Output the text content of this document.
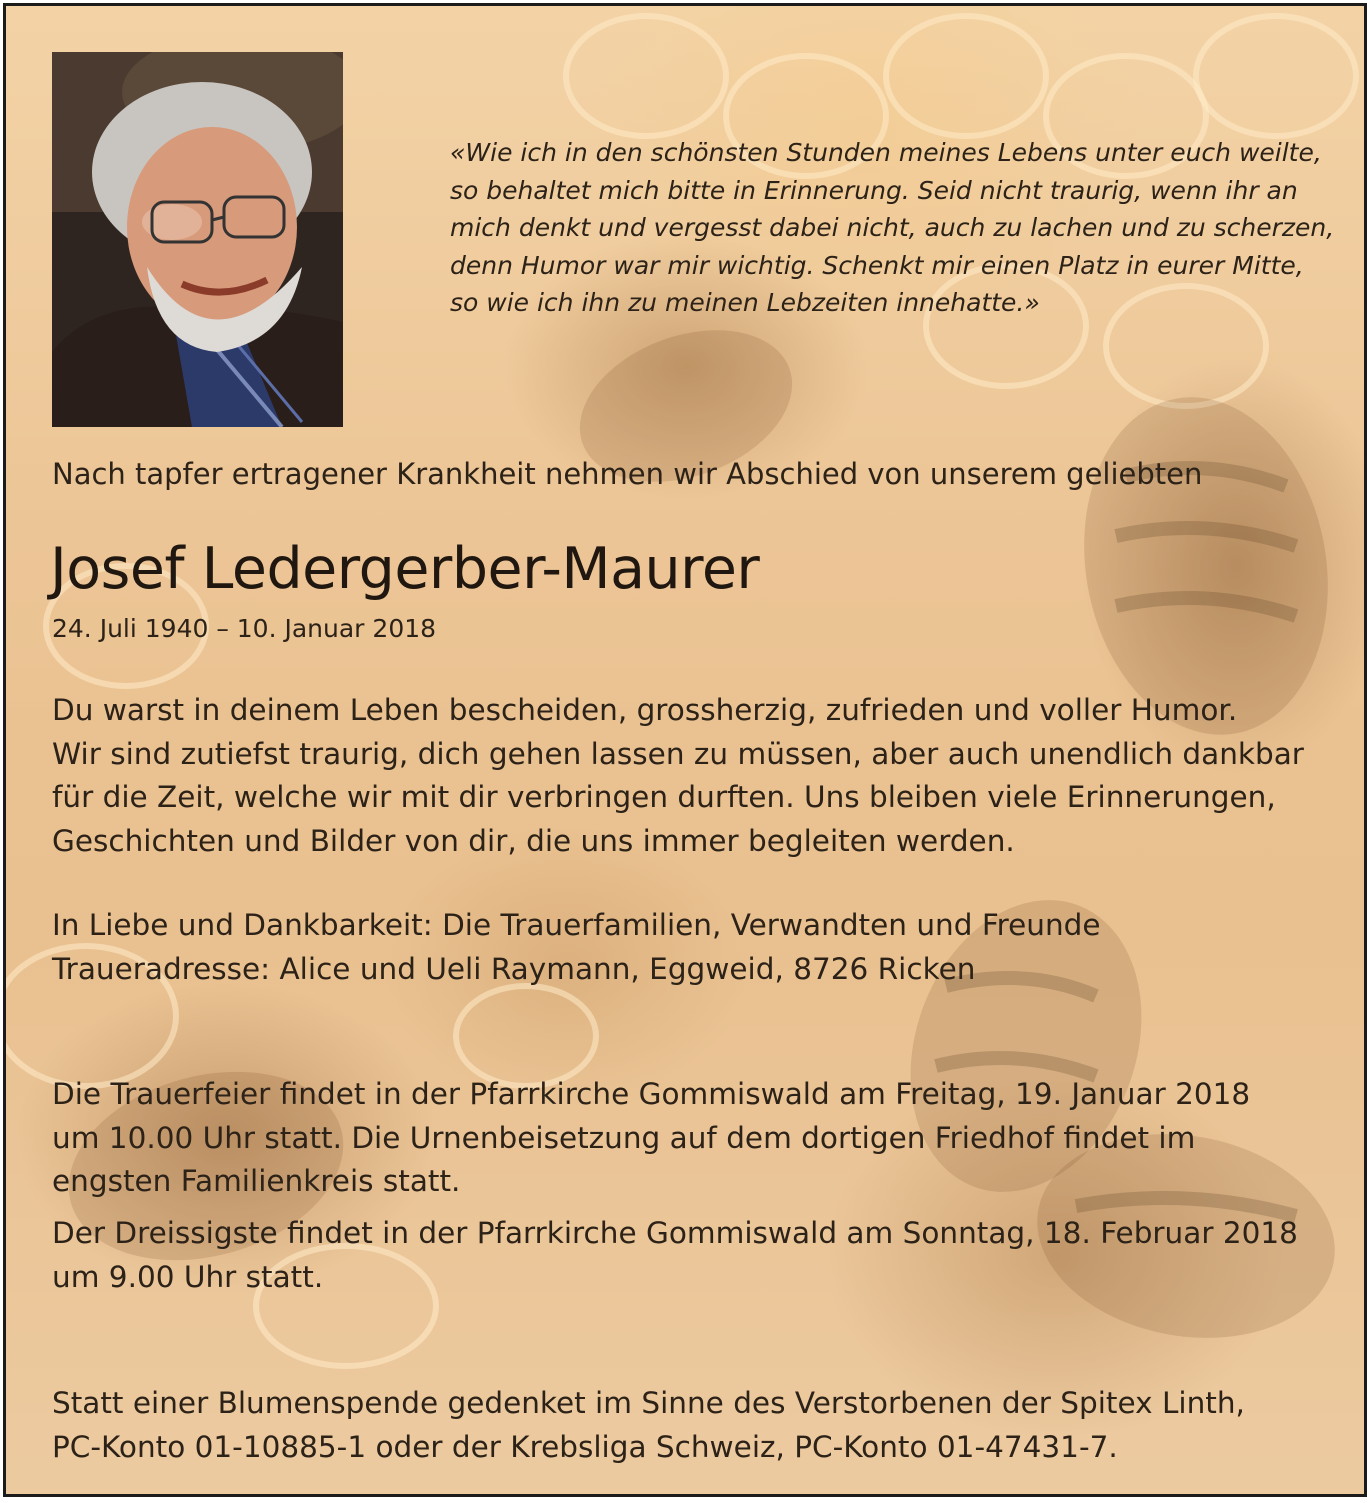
«Wie ich in den schönsten Stunden meines Lebens unter euch weilte,
so behaltet mich bitte in Erinnerung. Seid nicht traurig, wenn ihr an
mich denkt und vergesst dabei nicht, auch zu lachen und zu scherzen,
denn Humor war mir wichtig. Schenkt mir einen Platz in eurer Mitte,
so wie ich ihn zu meinen Lebzeiten innehatte.»

Nach tapfer ertragener Krankheit nehmen wir Abschied von unserem geliebten

Josef Ledergerber-Maurer

24. Juli 1940 – 10. Januar 2018

Du warst in deinem Leben bescheiden, grossherzig, zufrieden und voller Humor.
Wir sind zutiefst traurig, dich gehen lassen zu müssen, aber auch unendlich dankbar
für die Zeit, welche wir mit dir verbringen durften. Uns bleiben viele Erinnerungen,
Geschichten und Bilder von dir, die uns immer begleiten werden.

In Liebe und Dankbarkeit: Die Trauerfamilien, Verwandten und Freunde
Traueradresse: Alice und Ueli Raymann, Eggweid, 8726 Ricken

Die Trauerfeier findet in der Pfarrkirche Gommiswald am Freitag, 19. Januar 2018
um 10.00 Uhr statt. Die Urnenbeisetzung auf dem dortigen Friedhof findet im
engsten Familienkreis statt.

Der Dreissigste findet in der Pfarrkirche Gommiswald am Sonntag, 18. Februar 2018
um 9.00 Uhr statt.

Statt einer Blumenspende gedenket im Sinne des Verstorbenen der Spitex Linth,
PC-Konto 01-10885-1 oder der Krebsliga Schweiz, PC-Konto 01-47431-7.
